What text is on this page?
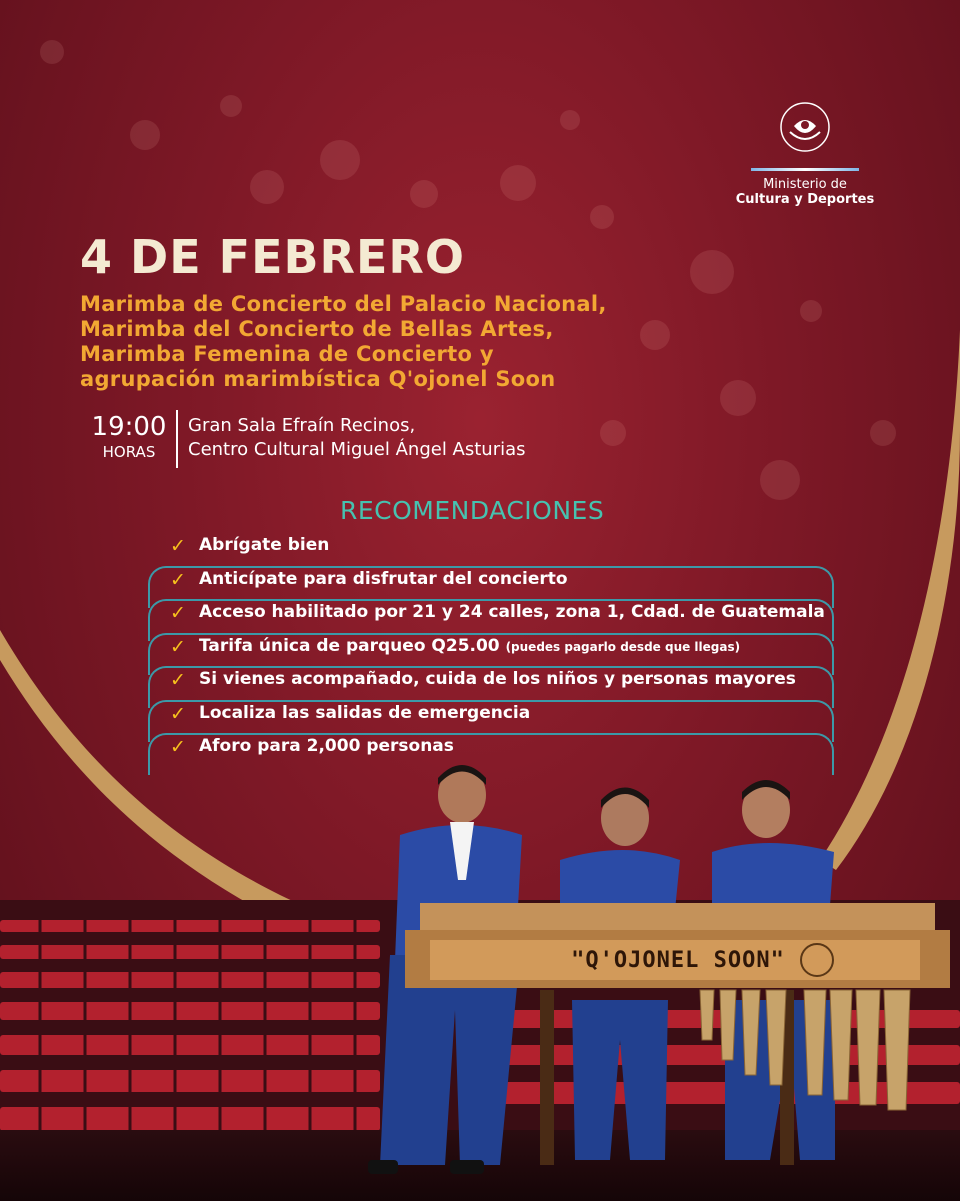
"Q'OJONEL SOON"
Ministerio de
Cultura y Deportes
4 DE FEBRERO
Marimba de Concierto del Palacio Nacional,
Marimba del Concierto de Bellas Artes,
Marimba Femenina de Concierto y
agrupación marimbística Q'ojonel Soon
19:00
HORAS
Gran Sala Efraín Recinos,
Centro Cultural Miguel Ángel Asturias
RECOMENDACIONES
✓ Abrígate bien
✓ Anticípate para disfrutar del concierto
✓ Acceso habilitado por 21 y 24 calles, zona 1, Cdad. de Guatemala
✓ Tarifa única de parqueo Q25.00 (puedes pagarlo desde que llegas)
✓ Si vienes acompañado, cuida de los niños y personas mayores
✓ Localiza las salidas de emergencia
✓ Aforo para 2,000 personas
